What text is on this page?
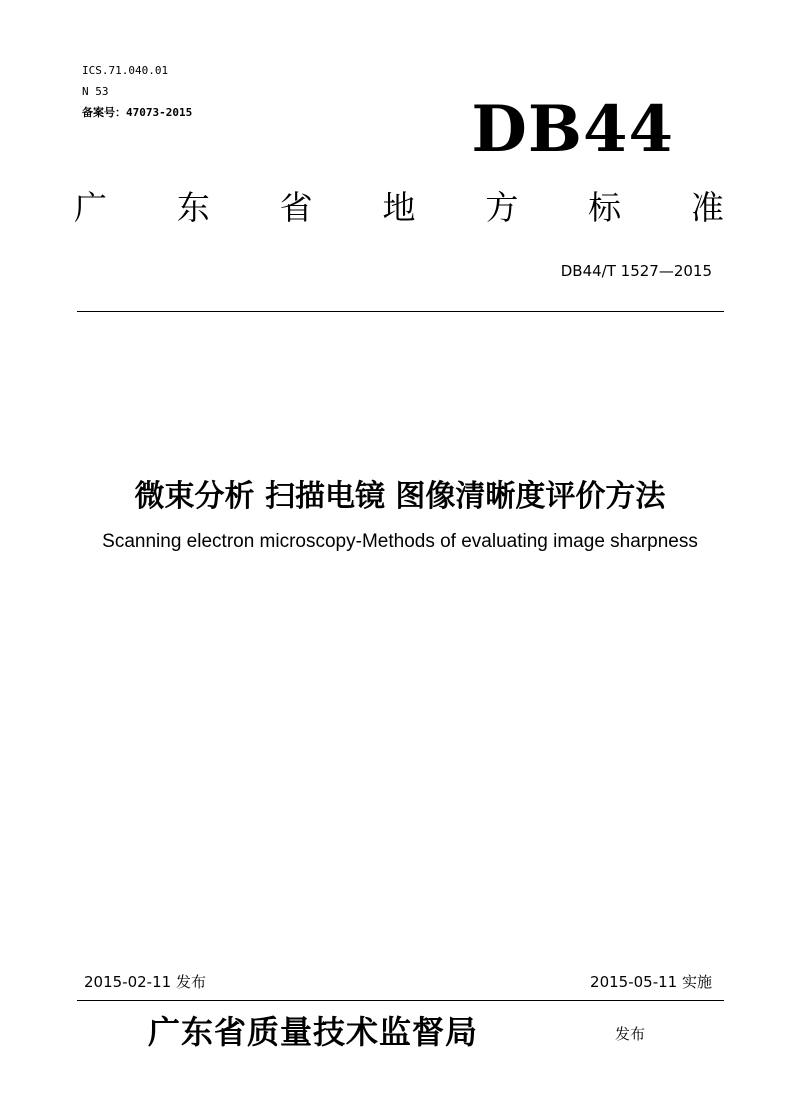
ICS.71.040.01
N 53
备案号：47073-2015	DB44
广 东 省 地 方 标 准
DB44/T 1527—2015
微束分析 扫描电镜 图像清晰度评价方法
Scanning electron microscopy-Methods of evaluating image sharpness
2015-02-11 发布	2015-05-11 实施
广东省质量技术监督局	发布
